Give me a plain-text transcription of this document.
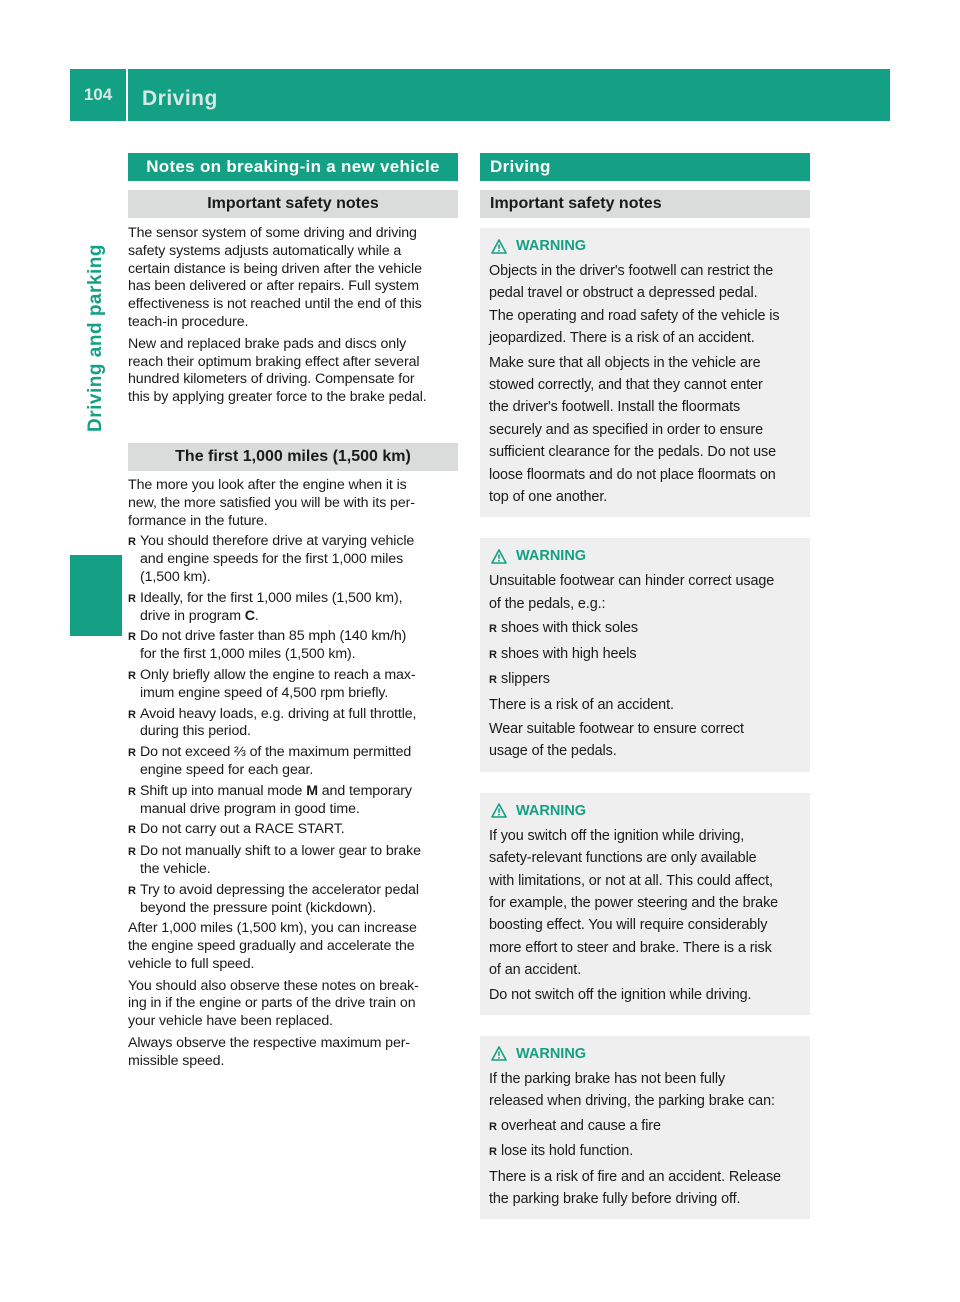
104	Driving
Driving and parking
Notes on breaking-in a new vehicle
Important safety notes
The sensor system of some driving and driving
safety systems adjusts automatically while a
certain distance is being driven after the vehicle
has been delivered or after repairs. Full system
effectiveness is not reached until the end of this
teach-in procedure.
New and replaced brake pads and discs only
reach their optimum braking effect after several
hundred kilometers of driving. Compensate for
this by applying greater force to the brake pedal.
The first 1,000 miles (1,500 km)
The more you look after the engine when it is
new, the more satisfied you will be with its per-
formance in the future.
R You should therefore drive at varying vehicle
and engine speeds for the first 1,000 miles
(1,500 km).
R Ideally, for the first 1,000 miles (1,500 km),
drive in program C.
R Do not drive faster than 85 mph (140 km/h)
for the first 1,000 miles (1,500 km).
R Only briefly allow the engine to reach a max-
imum engine speed of 4,500 rpm briefly.
R Avoid heavy loads, e.g. driving at full throttle,
during this period.
R Do not exceed ⅔ of the maximum permitted
engine speed for each gear.
R Shift up into manual mode M and temporary
manual drive program in good time.
R Do not carry out a RACE START.
R Do not manually shift to a lower gear to brake
the vehicle.
R Try to avoid depressing the accelerator pedal
beyond the pressure point (kickdown).
After 1,000 miles (1,500 km), you can increase
the engine speed gradually and accelerate the
vehicle to full speed.
You should also observe these notes on break-
ing in if the engine or parts of the drive train on
your vehicle have been replaced.
Always observe the respective maximum per-
missible speed.
Driving
Important safety notes
WARNING
Objects in the driver's footwell can restrict the
pedal travel or obstruct a depressed pedal.
The operating and road safety of the vehicle is
jeopardized. There is a risk of an accident.
Make sure that all objects in the vehicle are
stowed correctly, and that they cannot enter
the driver's footwell. Install the floormats
securely and as specified in order to ensure
sufficient clearance for the pedals. Do not use
loose floormats and do not place floormats on
top of one another.
WARNING
Unsuitable footwear can hinder correct usage
of the pedals, e.g.:
R shoes with thick soles
R shoes with high heels
R slippers
There is a risk of an accident.
Wear suitable footwear to ensure correct
usage of the pedals.
WARNING
If you switch off the ignition while driving,
safety-relevant functions are only available
with limitations, or not at all. This could affect,
for example, the power steering and the brake
boosting effect. You will require considerably
more effort to steer and brake. There is a risk
of an accident.
Do not switch off the ignition while driving.
WARNING
If the parking brake has not been fully
released when driving, the parking brake can:
R overheat and cause a fire
R lose its hold function.
There is a risk of fire and an accident. Release
the parking brake fully before driving off.
